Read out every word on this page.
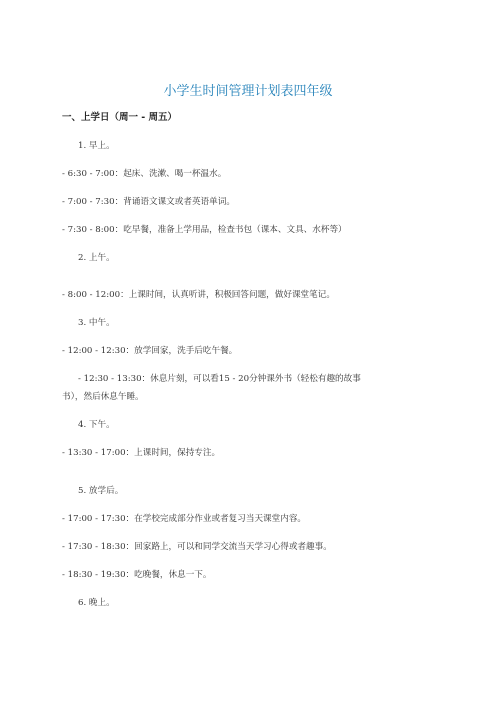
小学生时间管理计划表四年级
一、上学日（周一 - 周五）
1. 早上。
- 6:30 - 7:00：起床、洗漱、喝一杯温水。
- 7:00 - 7:30：背诵语文课文或者英语单词。
- 7:30 - 8:00：吃早餐，准备上学用品，检查书包（课本、文具、水杯等）
2. 上午。
- 8:00 - 12:00：上课时间，认真听讲，积极回答问题，做好课堂笔记。
3. 中午。
- 12:00 - 12:30：放学回家，洗手后吃午餐。
- 12:30 - 13:30：休息片刻，可以看15 - 20分钟课外书（轻松有趣的故事
书），然后休息午睡。
4. 下午。
- 13:30 - 17:00：上课时间，保持专注。
5. 放学后。
- 17:00 - 17:30：在学校完成部分作业或者复习当天课堂内容。
- 17:30 - 18:30：回家路上，可以和同学交流当天学习心得或者趣事。
- 18:30 - 19:30：吃晚餐，休息一下。
6. 晚上。
